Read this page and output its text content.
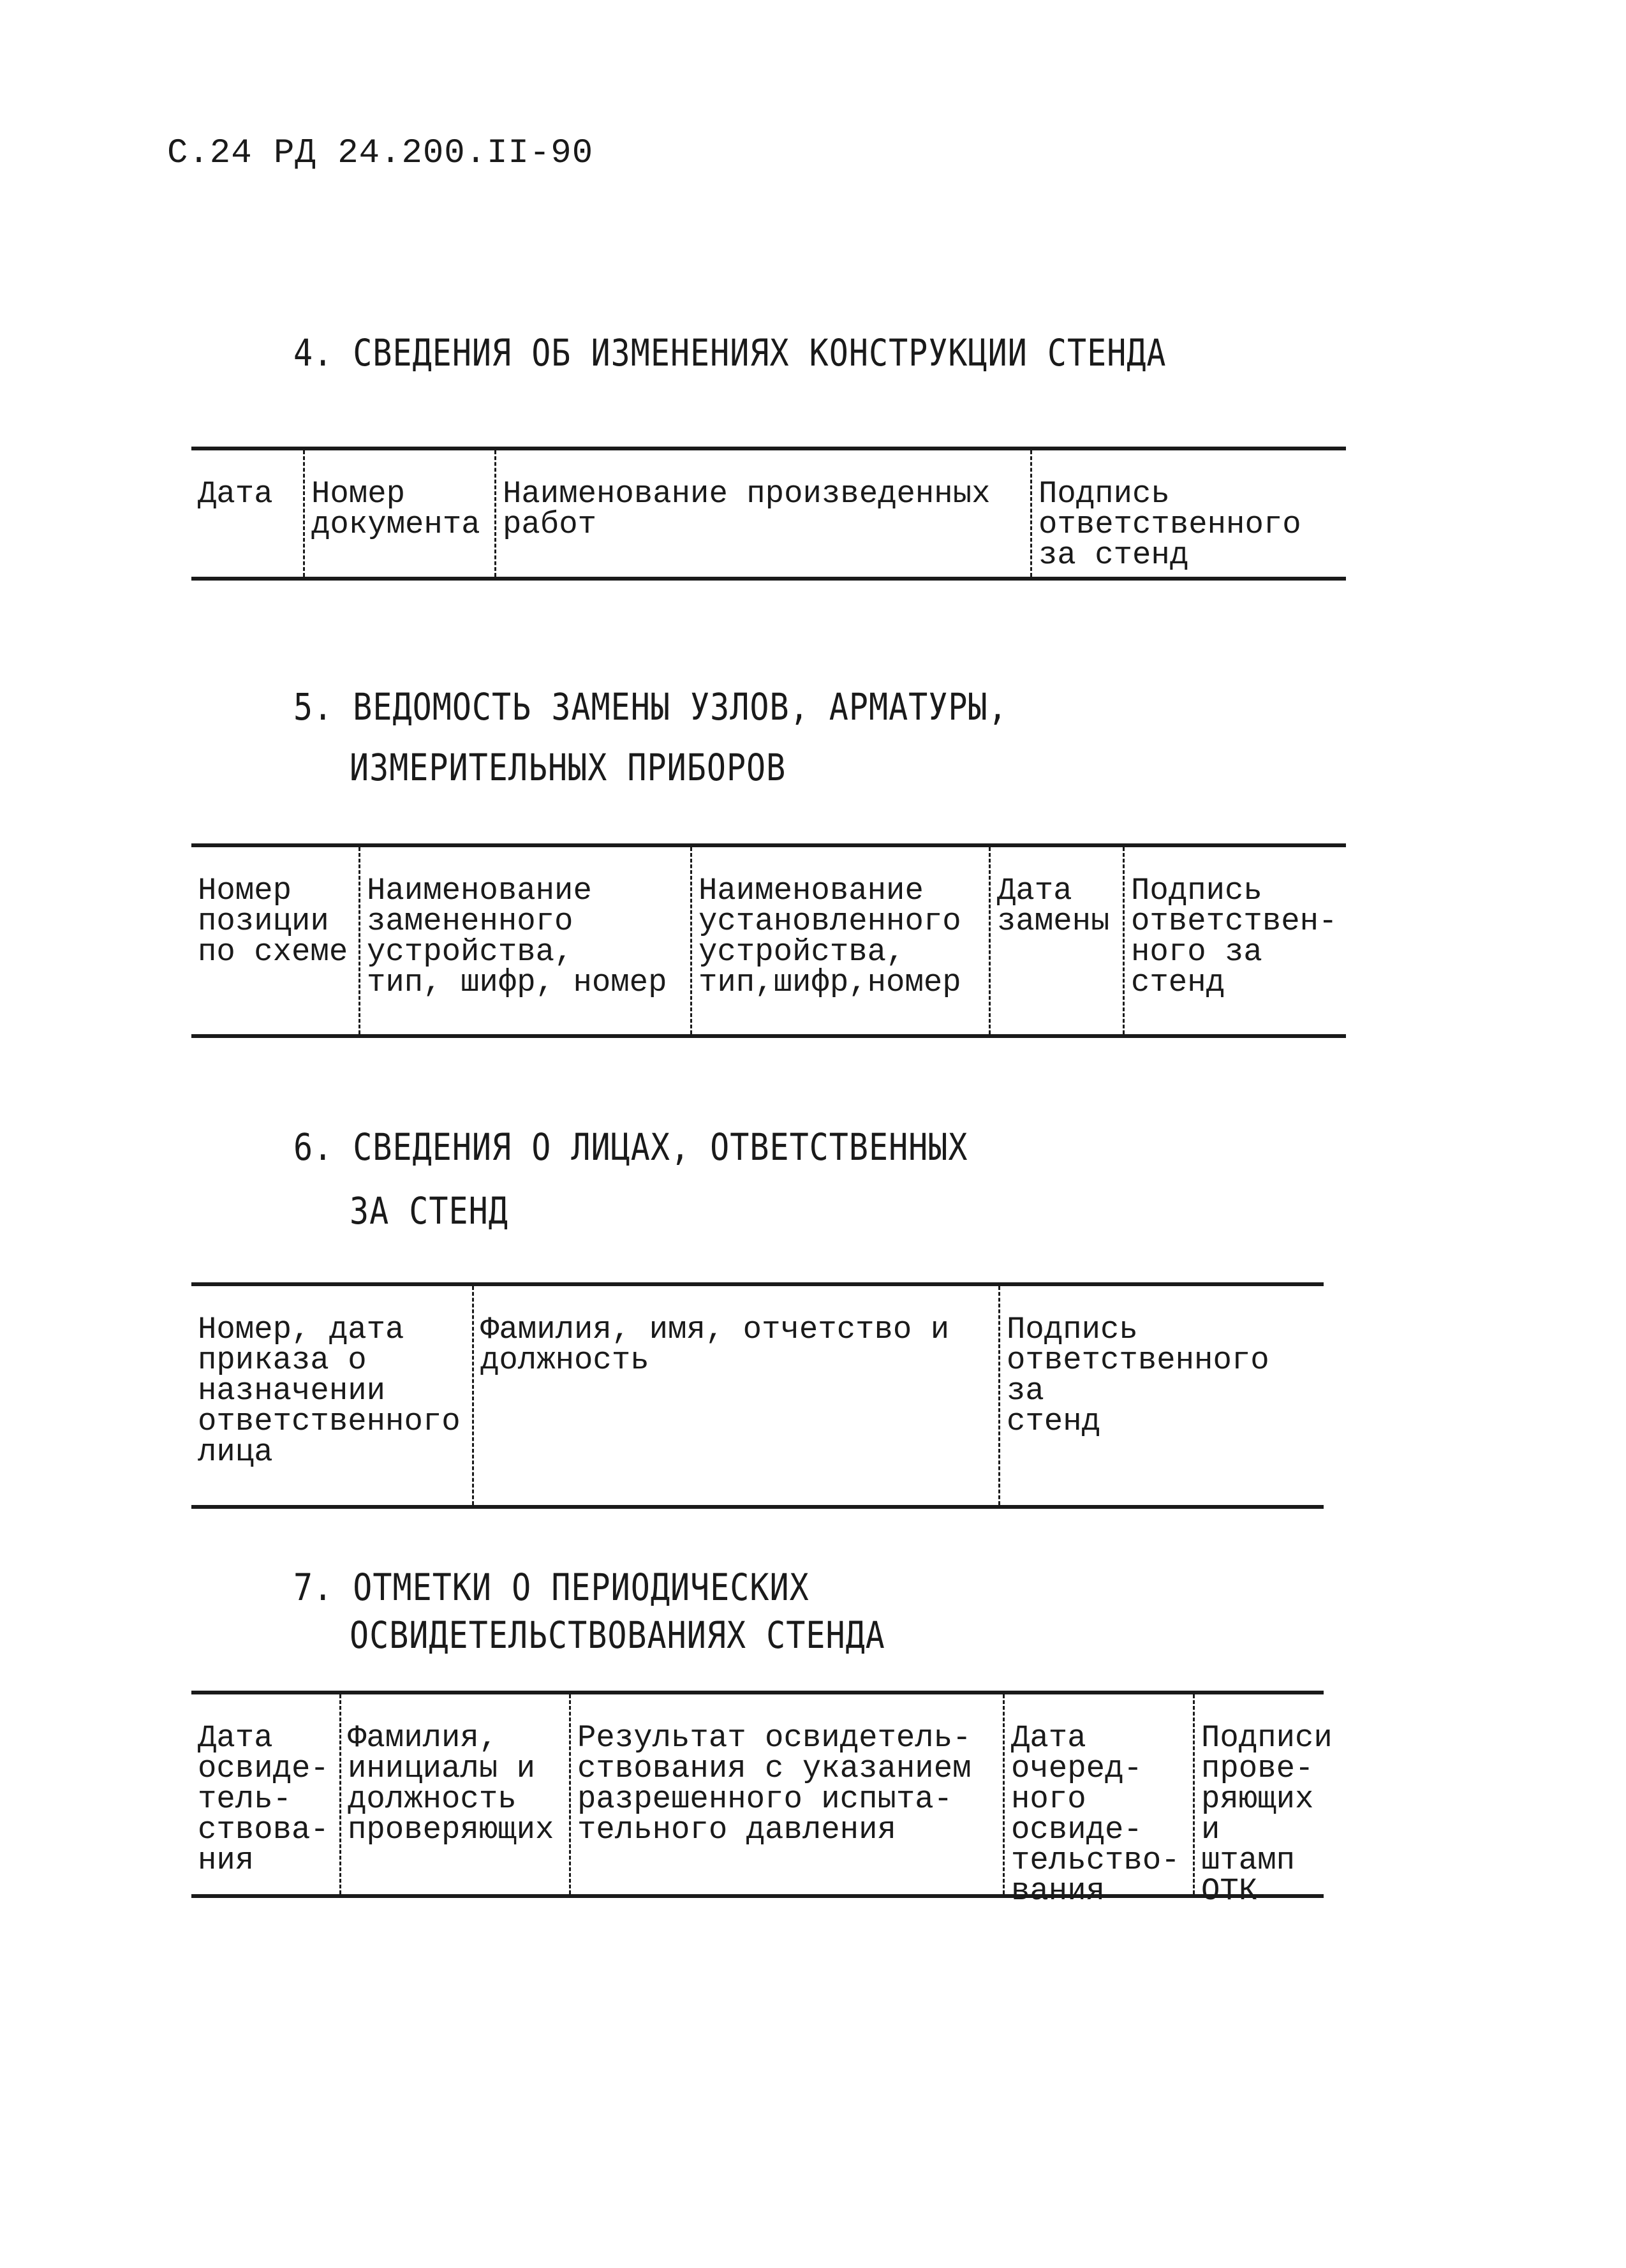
С.24 РД 24.200.II-90
4. СВЕДЕНИЯ ОБ ИЗМЕНЕНИЯХ КОНСТРУКЦИИ СТЕНДА
Дата	Номер
документа
Наименование произведенных
работ
Подпись
ответственного
за стенд
5. ВЕДОМОСТЬ ЗАМЕНЫ УЗЛОВ, АРМАТУРЫ,
ИЗМЕРИТЕЛЬНЫХ ПРИБОРОВ
Номер
позиции
по схеме
Наименование
замененного
устройства,
тип, шифр, номер
Наименование
установленного
устройства,
тип,шифр,номер
Дата
замены
Подпись
ответствен-
ного за
стенд
6. СВЕДЕНИЯ О ЛИЦАХ, ОТВЕТСТВЕННЫХ
ЗА СТЕНД
Номер, дата
приказа о
назначении
ответственного
лица
Фамилия, имя, отчетство и
должность
Подпись
ответственного за
стенд
7. ОТМЕТКИ О ПЕРИОДИЧЕСКИХ
ОСВИДЕТЕЛЬСТВОВАНИЯХ СТЕНДА
Дата
освиде-
тель-
ствова-
ния
Фамилия,
инициалы и
должность
проверяющих
Результат освидетель-
ствования с указанием
разрешенного испыта-
тельного давления
Дата
очеред-
ного
освиде-
тельство-
вания
Подписи
прове-
ряющих
и штамп
ОТК
